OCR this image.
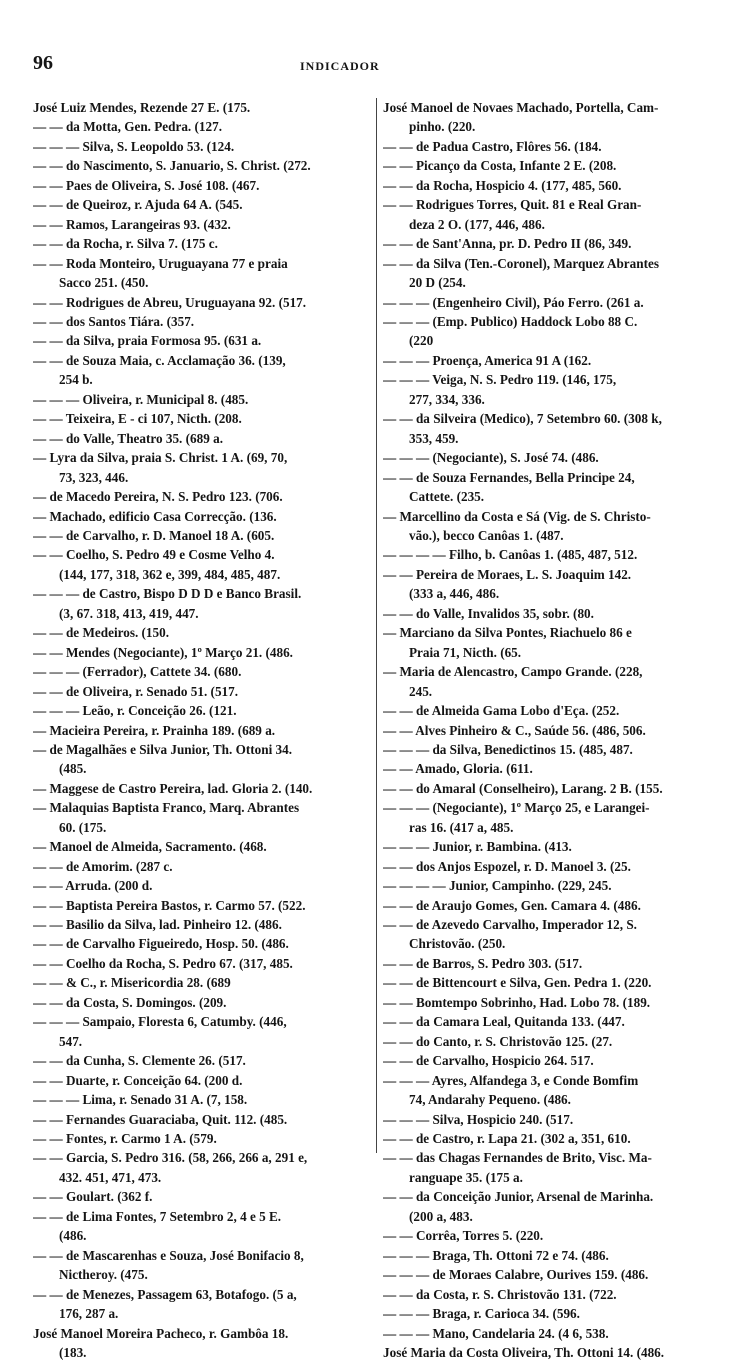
96	INDICADOR
José Luiz Mendes, Rezende 27 E. (175.
— — da Motta, Gen. Pedra. (127.
— — — Silva, S. Leopoldo 53. (124.
— — do Nascimento, S. Januario, S. Christ. (272.
— — Paes de Oliveira, S. José 108. (467.
— — de Queiroz, r. Ajuda 64 A. (545.
— — Ramos, Larangeiras 93. (432.
— — da Rocha, r. Silva 7. (175 c.
— — Roda Monteiro, Uruguayana 77 e praia
Sacco 251. (450.
— — Rodrigues de Abreu, Uruguayana 92. (517.
— — dos Santos Tiára. (357.
— — da Silva, praia Formosa 95. (631 a.
— — de Souza Maia, c. Acclamação 36. (139,
254 b.
— — — Oliveira, r. Municipal 8. (485.
— — Teixeira, E - ci 107, Nicth. (208.
— — do Valle, Theatro 35. (689 a.
— Lyra da Silva, praia S. Christ. 1 A. (69, 70,
73, 323, 446.
— de Macedo Pereira, N. S. Pedro 123. (706.
— Machado, edificio Casa Correcção. (136.
— — de Carvalho, r. D. Manoel 18 A. (605.
— — Coelho, S. Pedro 49 e Cosme Velho 4.
(144, 177, 318, 362 e, 399, 484, 485, 487.
— — — de Castro, Bispo D D D e Banco Brasil.
(3, 67. 318, 413, 419, 447.
— — de Medeiros. (150.
— — Mendes (Negociante), 1º Março 21. (486.
— — — (Ferrador), Cattete 34. (680.
— — de Oliveira, r. Senado 51. (517.
— — — Leão, r. Conceição 26. (121.
— Macieira Pereira, r. Prainha 189. (689 a.
— de Magalhães e Silva Junior, Th. Ottoni 34.
(485.
— Maggese de Castro Pereira, lad. Gloria 2. (140.
— Malaquias Baptista Franco, Marq. Abrantes
60. (175.
— Manoel de Almeida, Sacramento. (468.
— — de Amorim. (287 c.
— — Arruda. (200 d.
— — Baptista Pereira Bastos, r. Carmo 57. (522.
— — Basilio da Silva, lad. Pinheiro 12. (486.
— — de Carvalho Figueiredo, Hosp. 50. (486.
— — Coelho da Rocha, S. Pedro 67. (317, 485.
— — & C., r. Misericordia 28. (689
— — da Costa, S. Domingos. (209.
— — — Sampaio, Floresta 6, Catumby. (446,
547.
— — da Cunha, S. Clemente 26. (517.
— — Duarte, r. Conceição 64. (200 d.
— — — Lima, r. Senado 31 A. (7, 158.
— — Fernandes Guaraciaba, Quit. 112. (485.
— — Fontes, r. Carmo 1 A. (579.
— — Garcia, S. Pedro 316. (58, 266, 266 a, 291 e,
432. 451, 471, 473.
— — Goulart. (362 f.
— — de Lima Fontes, 7 Setembro 2, 4 e 5 E.
(486.
— — de Mascarenhas e Souza, José Bonifacio 8,
Nictheroy. (475.
— — de Menezes, Passagem 63, Botafogo. (5 a,
176, 287 a.
José Manoel Moreira Pacheco, r. Gambôa 18.
(183.
José Manoel de Novaes Machado, Portella, Cam-
pinho. (220.
— — de Padua Castro, Flôres 56. (184.
— — Picanço da Costa, Infante 2 E. (208.
— — da Rocha, Hospicio 4. (177, 485, 560.
— — Rodrigues Torres, Quit. 81 e Real Gran-
deza 2 O. (177, 446, 486.
— — de Sant'Anna, pr. D. Pedro II (86, 349.
— — da Silva (Ten.-Coronel), Marquez Abrantes
20 D (254.
— — — (Engenheiro Civil), Páo Ferro. (261 a.
— — — (Emp. Publico) Haddock Lobo 88 C.
(220
— — — Proença, America 91 A (162.
— — — Veiga, N. S. Pedro 119. (146, 175,
277, 334, 336.
— — da Silveira (Medico), 7 Setembro 60. (308 k,
353, 459.
— — — (Negociante), S. José 74. (486.
— — de Souza Fernandes, Bella Principe 24,
Cattete. (235.
— Marcellino da Costa e Sá (Vig. de S. Christo-
vão.), becco Canôas 1. (487.
— — — — Filho, b. Canôas 1. (485, 487, 512.
— — Pereira de Moraes, L. S. Joaquim 142.
(333 a, 446, 486.
— — do Valle, Invalidos 35, sobr. (80.
— Marciano da Silva Pontes, Riachuelo 86 e
Praia 71, Nicth. (65.
— Maria de Alencastro, Campo Grande. (228,
245.
— — de Almeida Gama Lobo d'Eça. (252.
— — Alves Pinheiro & C., Saúde 56. (486, 506.
— — — da Silva, Benedictinos 15. (485, 487.
— — Amado, Gloria. (611.
— — do Amaral (Conselheiro), Larang. 2 B. (155.
— — — (Negociante), 1º Março 25, e Larangei-
ras 16. (417 a, 485.
— — — Junior, r. Bambina. (413.
— — dos Anjos Espozel, r. D. Manoel 3. (25.
— — — — Junior, Campinho. (229, 245.
— — de Araujo Gomes, Gen. Camara 4. (486.
— — de Azevedo Carvalho, Imperador 12, S.
Christovão. (250.
— — de Barros, S. Pedro 303. (517.
— — de Bittencourt e Silva, Gen. Pedra 1. (220.
— — Bomtempo Sobrinho, Had. Lobo 78. (189.
— — da Camara Leal, Quitanda 133. (447.
— — do Canto, r. S. Christovão 125. (27.
— — de Carvalho, Hospicio 264. 517.
— — — Ayres, Alfandega 3, e Conde Bomfim
74, Andarahy Pequeno. (486.
— — — Silva, Hospicio 240. (517.
— — de Castro, r. Lapa 21. (302 a, 351, 610.
— — das Chagas Fernandes de Brito, Visc. Ma-
ranguape 35. (175 a.
— — da Conceição Junior, Arsenal de Marinha.
(200 a, 483.
— — Corrêa, Torres 5. (220.
— — — Braga, Th. Ottoni 72 e 74. (486.
— — — de Moraes Calabre, Ourives 159. (486.
— — da Costa, r. S. Christovão 131. (722.
— — — Braga, r. Carioca 34. (596.
— — — Mano, Candelaria 24. (4 6, 538.
José Maria da Costa Oliveira, Th. Ottoni 14. (486.
